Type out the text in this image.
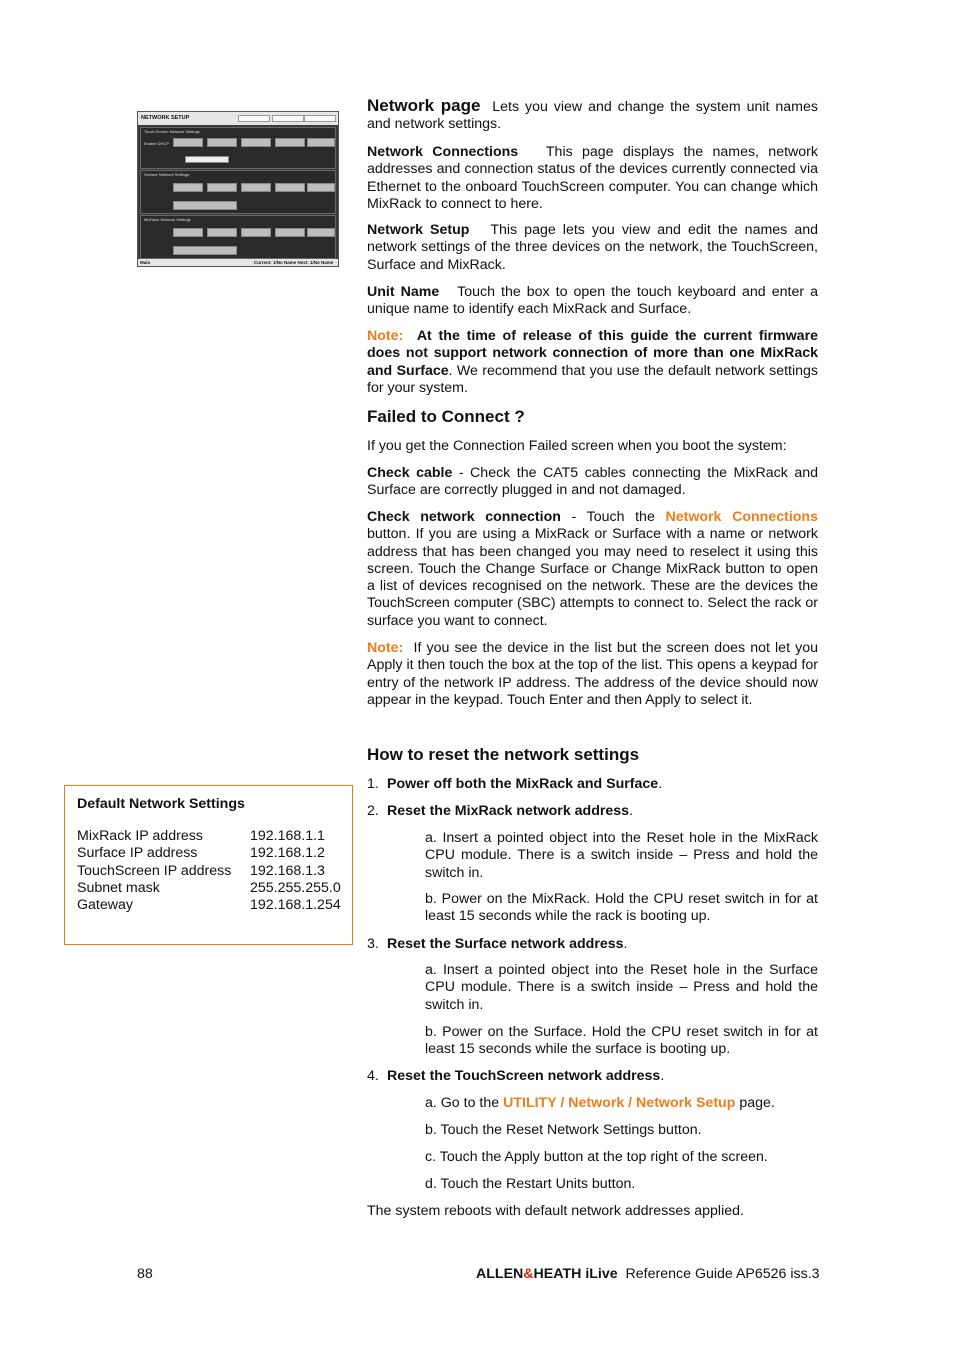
NETWORK SETUP
Touch Screen Network Settings
Enable DHCP
Surface Network Settings
MixRack Network Settings
Main	Current: 1/No Name Next: 1/No Name

Network page Lets you view and change the system unit names and network settings.

Network Connections This page displays the names, network addresses and connection status of the devices currently connected via Ethernet to the onboard TouchScreen computer. You can change which MixRack to connect to here.

Network Setup This page lets you view and edit the names and network settings of the three devices on the network, the TouchScreen, Surface and MixRack.

Unit Name Touch the box to open the touch keyboard and enter a unique name to identify each MixRack and Surface.

Note: At the time of release of this guide the current firmware does not support network connection of more than one MixRack and Surface. We recommend that you use the default network settings for your system.

Failed to Connect ?

If you get the Connection Failed screen when you boot the system:

Check cable - Check the CAT5 cables connecting the MixRack and Surface are correctly plugged in and not damaged.

Check network connection - Touch the Network Connections button. If you are using a MixRack or Surface with a name or network address that has been changed you may need to reselect it using this screen. Touch the Change Surface or Change MixRack button to open a list of devices recognised on the network. These are the devices the TouchScreen computer (SBC) attempts to connect to. Select the rack or surface you want to connect.

Note: If you see the device in the list but the screen does not let you Apply it then touch the box at the top of the list. This opens a keypad for entry of the network IP address. The address of the device should now appear in the keypad. Touch Enter and then Apply to select it.

How to reset the network settings

1. Power off both the MixRack and Surface.

2. Reset the MixRack network address.

a. Insert a pointed object into the Reset hole in the MixRack CPU module. There is a switch inside – Press and hold the switch in.

b. Power on the MixRack. Hold the CPU reset switch in for at least 15 seconds while the rack is booting up.

3. Reset the Surface network address.

a. Insert a pointed object into the Reset hole in the Surface CPU module. There is a switch inside – Press and hold the switch in.

b. Power on the Surface. Hold the CPU reset switch in for at least 15 seconds while the surface is booting up.

4. Reset the TouchScreen network address.

a. Go to the UTILITY / Network / Network Setup page.

b. Touch the Reset Network Settings button.

c. Touch the Apply button at the top right of the screen.

d. Touch the Restart Units button.

The system reboots with default network addresses applied.

Default Network Settings
MixRack IP address	192.168.1.1
Surface IP address	192.168.1.2
TouchScreen IP address 192.168.1.3
Subnet mask	255.255.255.0
Gateway	192.168.1.254
88	ALLEN&HEATH iLive Reference Guide AP6526 iss.3
